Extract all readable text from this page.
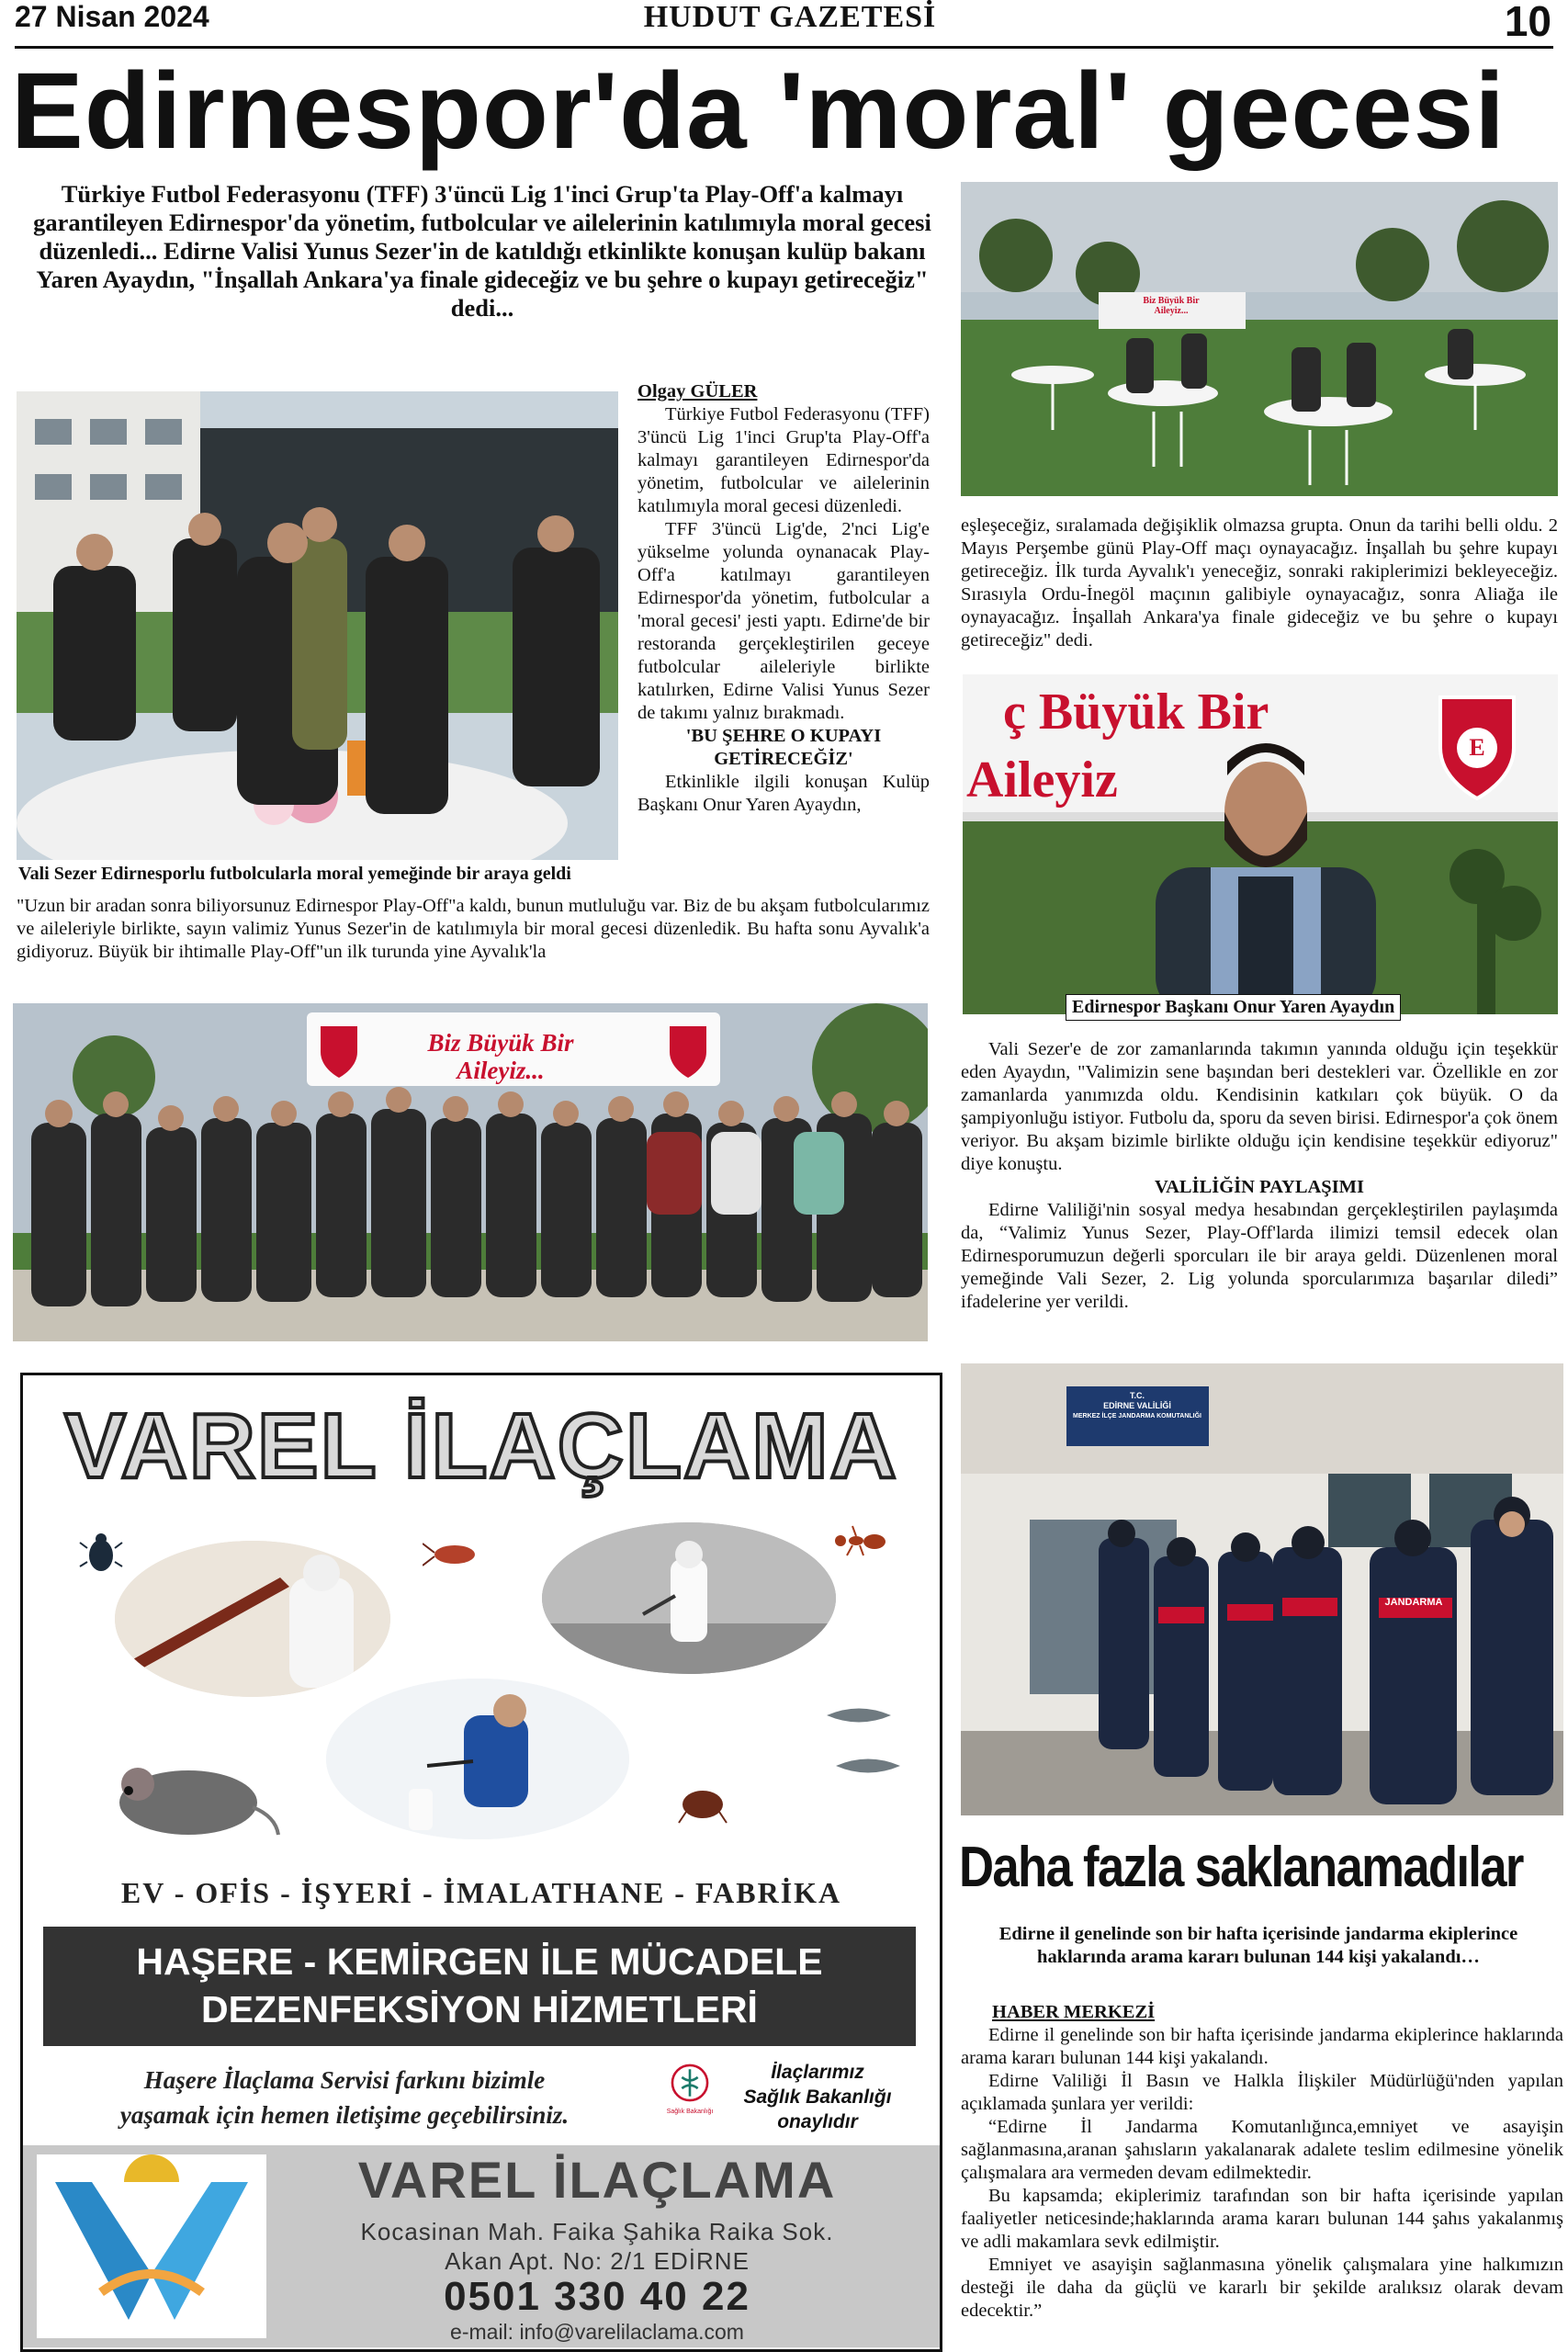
27 Nisan 2024	HUDUT GAZETESİ	10
Edirnespor'da 'moral' gecesi
Türkiye Futbol Federasyonu (TFF) 3'üncü Lig 1'inci Grup'ta Play-Off'a kalmayı garantileyen Edirnespor'da yönetim, futbolcular ve ailelerinin katılımıyla moral gecesi düzenledi... Edirne Valisi Yunus Sezer'in de katıldığı etkinlikte konuşan kulüp bakanı Yaren Ayaydın, "İnşallah Ankara'ya finale gideceğiz ve bu şehre o kupayı getireceğiz" dedi...
Vali Sezer Edirnesporlu futbolcularla moral yemeğinde bir araya geldi
Olgay GÜLER

Türkiye Futbol Federasyonu (TFF) 3'üncü Lig 1'inci Grup'ta Play-Off'a kalmayı garantileyen Edirnespor'da yönetim, futbolcular ve ailelerinin katılımıyla moral gecesi düzenledi.

TFF 3'üncü Lig'de, 2'nci Lig'e yükselme yolunda oynanacak Play-Off'a katılmayı garantileyen Edirnespor'da yönetim, futbolcular a 'moral gecesi' jesti yaptı. Edirne'de bir restoranda gerçekleştirilen geceye futbolcular aileleriyle birlikte katılırken, Edirne Valisi Yunus Sezer de takımı yalnız bırakmadı.

'BU ŞEHRE O KUPAYI GETİRECEĞİZ'

Etkinlikle ilgili konuşan Kulüp Başkanı Onur Yaren Ayaydın,

"Uzun bir aradan sonra biliyorsunuz Edirnespor Play-Off"a kaldı, bunun mutluluğu var. Biz de bu akşam futbolcularımız ve aileleriyle birlikte, sayın valimiz Yunus Sezer'in de katılımıyla bir moral gecesi düzenledik. Bu hafta sonu Ayvalık'a gidiyoruz. Büyük bir ihtimalle Play-Off"un ilk turunda yine Ayvalık'la
Biz Büyük Bir
Aileyiz...
eşleşeceğiz, sıralamada değişiklik olmazsa grupta. Onun da tarihi belli oldu. 2 Mayıs Perşembe günü Play-Off maçı oynayacağız. İnşallah bu şehre kupayı getireceğiz. İlk turda Ayvalık'ı yeneceğiz, sonraki rakiplerimizi bekleyeceğiz. Sırasıyla Ordu-İnegöl maçının galibiyle oynayacağız, sonra Aliağa ile oynayacağız. İnşallah Ankara'ya finale gideceğiz ve bu şehre o kupayı getireceğiz" dedi.
E
ç Büyük Bir
Aileyiz
Edirnespor Başkanı Onur Yaren Ayaydın

Vali Sezer'e de zor zamanlarında takımın yanında olduğu için teşekkür eden Ayaydın, "Valimizin sene başından beri destekleri var. Özellikle en zor zamanlarda yanımızda oldu. Kendisinin katkıları çok büyük. O da şampiyonluğu istiyor. Futbolu da, sporu da seven birisi. Edirnespor'a çok önem veriyor. Bu akşam bizimle birlikte olduğu için kendisine teşekkür ediyoruz" diye konuştu.

VALİLİĞİN PAYLAŞIMI

Edirne Valiliği'nin sosyal medya hesabından gerçekleştirilen paylaşımda da, “Valimiz Yunus Sezer, Play-Off'larda ilimizi temsil edecek olan Edirnesporumuzun değerli sporcuları ile bir araya geldi. Düzenlenen moral yemeğinde Vali Sezer, 2. Lig yolunda sporcularımıza başarılar diledi” ifadelerine yer verildi.

Biz Büyük Bir
Aileyiz...
VAREL İLAÇLAMA
EV - OFİS - İŞYERİ - İMALATHANE - FABRİKA
HAŞERE - KEMİRGEN İLE MÜCADELE
DEZENFEKSİYON HİZMETLERİ
Haşere İlaçlama Servisi farkını bizimle
yaşamak için hemen iletişime geçebilirsiniz.	Sağlık Bakanlığı
İlaçlarımız
Sağlık Bakanlığı
onaylıdır
VAREL İLAÇLAMA
Kocasinan Mah. Faika Şahika Raika Sok.
Akan Apt. No: 2/1 EDİRNE
0501 330 40 22
e-mail: info@varelilaclama.com
T.C.
EDİRNE VALİLİĞİ
MERKEZ İLÇE JANDARMA KOMUTANLIĞI
JANDARMA
Daha fazla saklanamadılar
Edirne il genelinde son bir hafta içerisinde jandarma ekiplerince haklarında arama kararı bulunan 144 kişi yakalandı…
HABER MERKEZİ

Edirne il genelinde son bir hafta içerisinde jandarma ekiplerince haklarında arama kararı bulunan 144 kişi yakalandı.

Edirne Valiliği İl Basın ve Halkla İlişkiler Müdürlüğü'nden yapılan açıklamada şunlara yer verildi:

“Edirne İl Jandarma Komutanlığınca,emniyet ve asayişin sağlanmasına,aranan şahısların yakalanarak adalete teslim edilmesine yönelik çalışmalara ara vermeden devam edilmektedir.

Bu kapsamda; ekiplerimiz tarafından son bir hafta içerisinde yapılan faaliyetler neticesinde;haklarında arama kararı bulunan 144 şahıs yakalanmış ve adli makamlara sevk edilmiştir.

Emniyet ve asayişin sağlanmasına yönelik çalışmalara yine halkımızın desteği ile daha da güçlü ve kararlı bir şekilde aralıksız olarak devam edecektir.”
